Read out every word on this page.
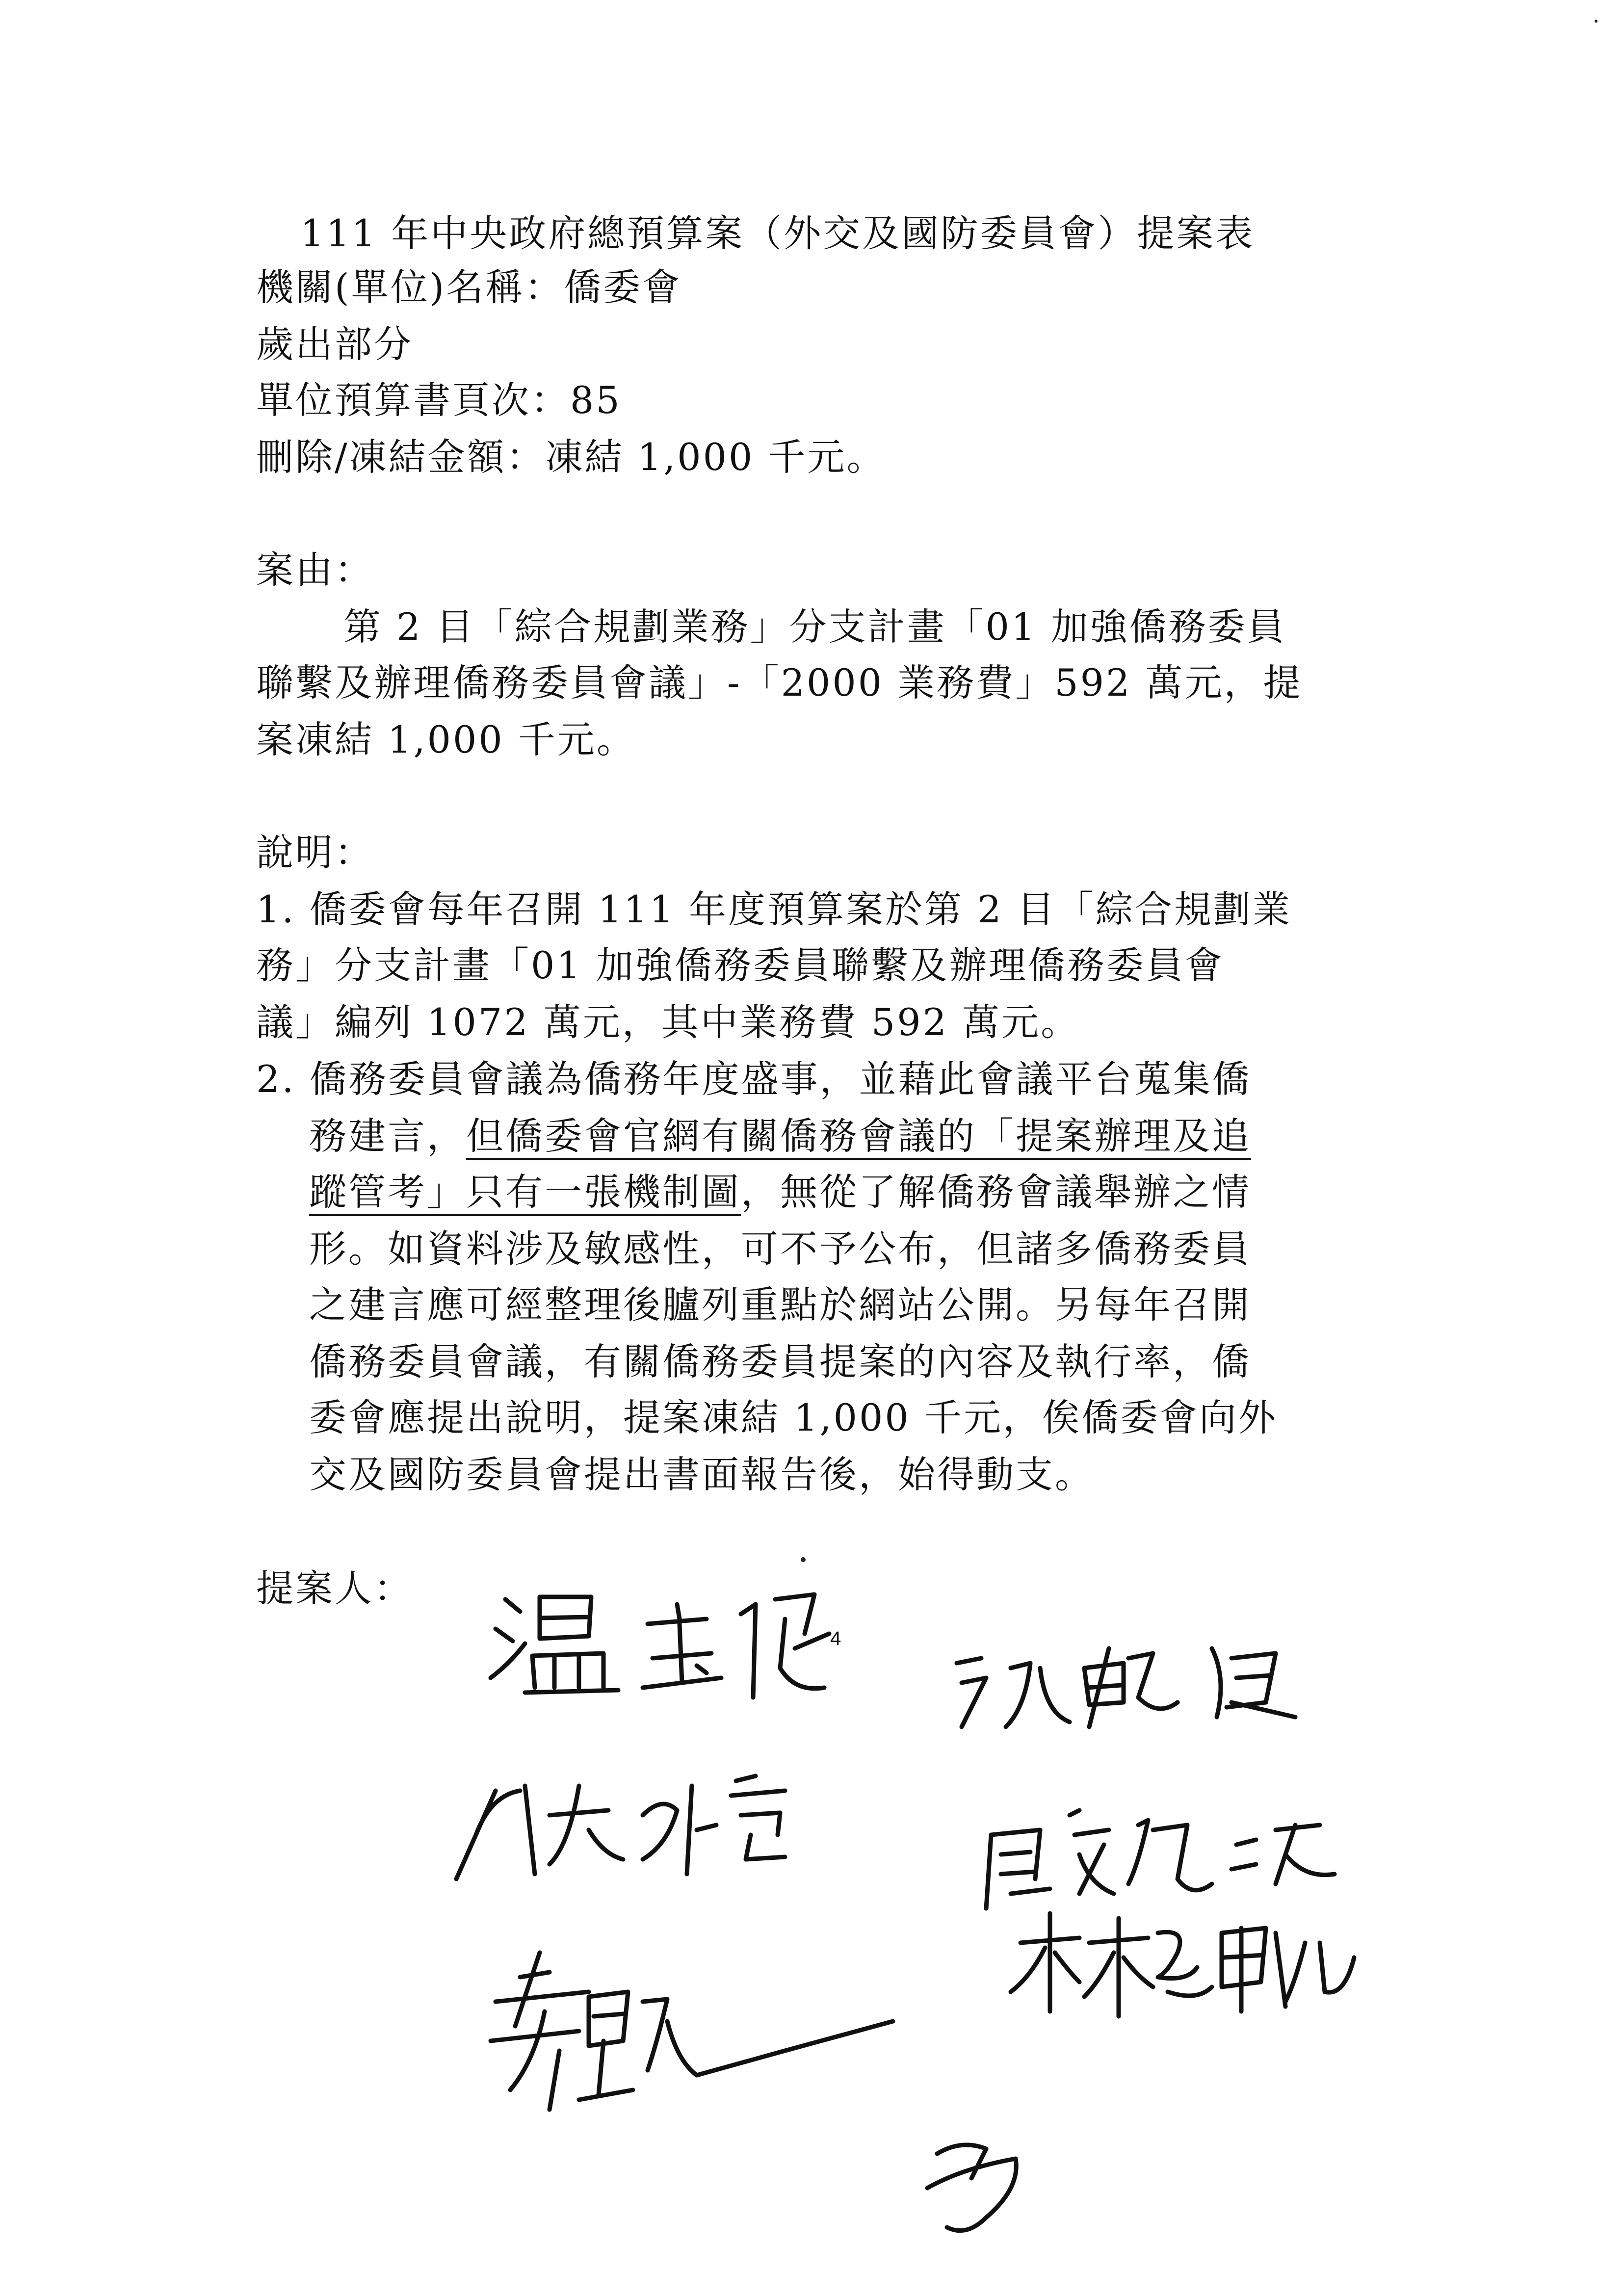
111 年中央政府總預算案（外交及國防委員會）提案表
機關(單位)名稱：僑委會
歲出部分
單位預算書頁次：85
刪除/凍結金額：凍結 1,000 千元。
案由：
第 2 目「綜合規劃業務」分支計畫「01 加強僑務委員
聯繫及辦理僑務委員會議」-「2000 業務費」592 萬元，提
案凍結 1,000 千元。
說明：
1. 僑委會每年召開 111 年度預算案於第 2 目「綜合規劃業
務」分支計畫「01 加強僑務委員聯繫及辦理僑務委員會
議」編列 1072 萬元，其中業務費 592 萬元。
2. 僑務委員會議為僑務年度盛事，並藉此會議平台蒐集僑
務建言，但僑委會官網有關僑務會議的「提案辦理及追
蹤管考」只有一張機制圖，無從了解僑務會議舉辦之情
形。如資料涉及敏感性，可不予公布，但諸多僑務委員
之建言應可經整理後臚列重點於網站公開。另每年召開
僑務委員會議，有關僑務委員提案的內容及執行率，僑
委會應提出說明，提案凍結 1,000 千元，俟僑委會向外
交及國防委員會提出書面報告後，始得動支。
提案人：
4
